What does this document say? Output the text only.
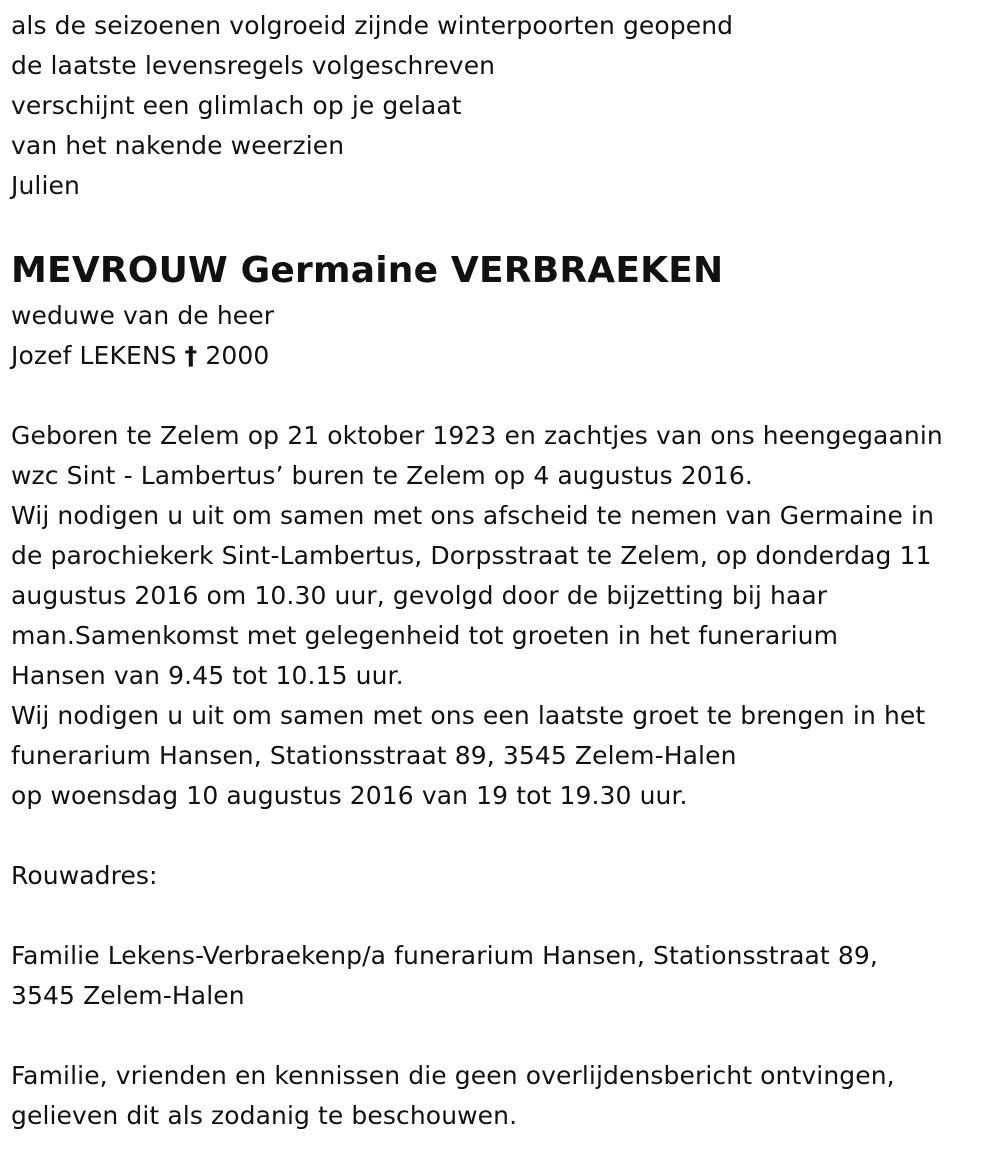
als de seizoenen volgroeid zijnde winterpoorten geopend
de laatste levensregels volgeschreven
verschijnt een glimlach op je gelaat
van het nakende weerzien
Julien
MEVROUW Germaine VERBRAEKEN
weduwe van de heer
Jozef LEKENS † 2000
Geboren te Zelem op 21 oktober 1923 en zachtjes van ons heengegaanin
wzc Sint - Lambertus’ buren te Zelem op 4 augustus 2016.
Wij nodigen u uit om samen met ons afscheid te nemen van Germaine in
de parochiekerk Sint-Lambertus, Dorpsstraat te Zelem, op donderdag 11
augustus 2016 om 10.30 uur, gevolgd door de bijzetting bij haar
man.Samenkomst met gelegenheid tot groeten in het funerarium
Hansen van 9.45 tot 10.15 uur.
Wij nodigen u uit om samen met ons een laatste groet te brengen in het
funerarium Hansen, Stationsstraat 89, 3545 Zelem-Halen
op woensdag 10 augustus 2016 van 19 tot 19.30 uur.
Rouwadres:
Familie Lekens-Verbraekenp/a funerarium Hansen, Stationsstraat 89,
3545 Zelem-Halen
Familie, vrienden en kennissen die geen overlijdensbericht ontvingen,
gelieven dit als zodanig te beschouwen.
